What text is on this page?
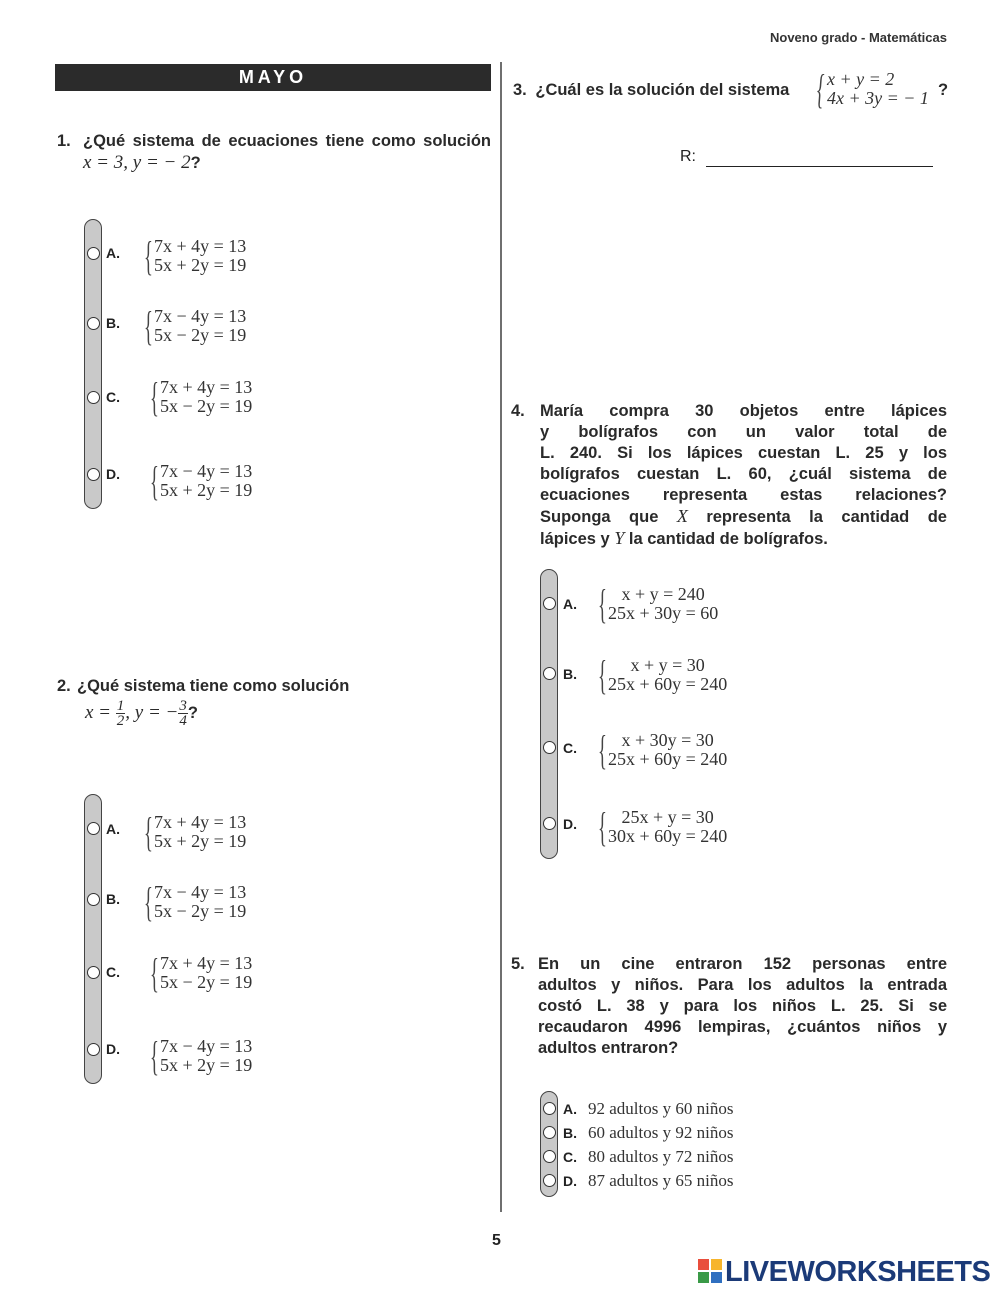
Noveno grado - Matemáticas
MAYO
1. ¿Qué sistema de ecuaciones tiene como solución
x = 3, y = − 2?
A. { 7x + 4y = 13
5x + 2y = 19
B. { 7x − 4y = 13
5x − 2y = 19
C. { 7x + 4y = 13
5x − 2y = 19
D. { 7x − 4y = 13
5x + 2y = 19
2. ¿Qué sistema tiene como solución
$x = \frac{1}{2}$ , y = − $\frac{3}{4}$ ?
A. { 7x + 4y = 13
5x + 2y = 19
B. { 7x − 4y = 13
5x − 2y = 19
C. { 7x + 4y = 13
5x − 2y = 19
D. { 7x − 4y = 13
5x + 2y = 19
3. ¿Cuál es la solución del sistema { x + y = 2
4x + 3y = − 1 ?
R:
4. María compra 30 objetos entre lápices
y bolígrafos con un valor total de
L. 240. Si los lápices cuestan L. 25 y los
bolígrafos cuestan L. 60, ¿cuál sistema de
ecuaciones representa estas relaciones?
Suponga que X representa la cantidad de
lápices y Y la cantidad de bolígrafos.
A. { x + y = 240
25x + 30y = 60
B. {	x + y = 30
25x + 60y = 240
C. { x + 30y = 30
25x + 60y = 240
D. { 25x + y = 30
30x + 60y = 240
5. En un cine entraron 152 personas entre
adultos y niños. Para los adultos la entrada
costó L. 38 y para los niños L. 25. Si se
recaudaron 4996 lempiras, ¿cuántos niños y
adultos entraron?
A. 92 adultos y 60 niños
B. 60 adultos y 92 niños
C. 80 adultos y 72 niños
D. 87 adultos y 65 niños
5
LIVEWORKSHEETS
